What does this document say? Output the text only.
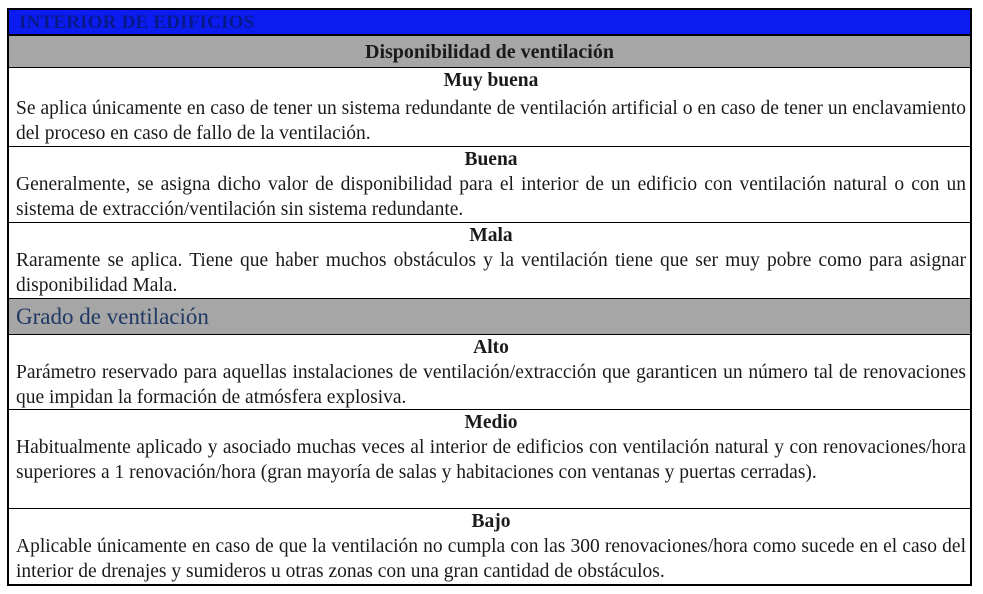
INTERIOR DE EDIFICIOS
Disponibilidad de ventilación
Muy buena
Se aplica únicamente en caso de tener un sistema redundante de ventilación artificial o en caso de tener un enclavamiento del proceso en caso de fallo de la ventilación.
Buena
Generalmente, se asigna dicho valor de disponibilidad para el interior de un edificio con ventilación natural o con un sistema de extracción/ventilación sin sistema redundante.
Mala
Raramente se aplica. Tiene que haber muchos obstáculos y la ventilación tiene que ser muy pobre como para asignar disponibilidad Mala.
Grado de ventilación
Alto
Parámetro reservado para aquellas instalaciones de ventilación/extracción que garanticen un número tal de renovaciones que impidan la formación de atmósfera explosiva.
Medio
Habitualmente aplicado y asociado muchas veces al interior de edificios con ventilación natural y con renovaciones/hora superiores a 1 renovación/hora (gran mayoría de salas y habitaciones con ventanas y puertas cerradas).
Bajo
Aplicable únicamente en caso de que la ventilación no cumpla con las 300 renovaciones/hora como sucede en el caso del interior de drenajes y sumideros u otras zonas con una gran cantidad de obstáculos.
